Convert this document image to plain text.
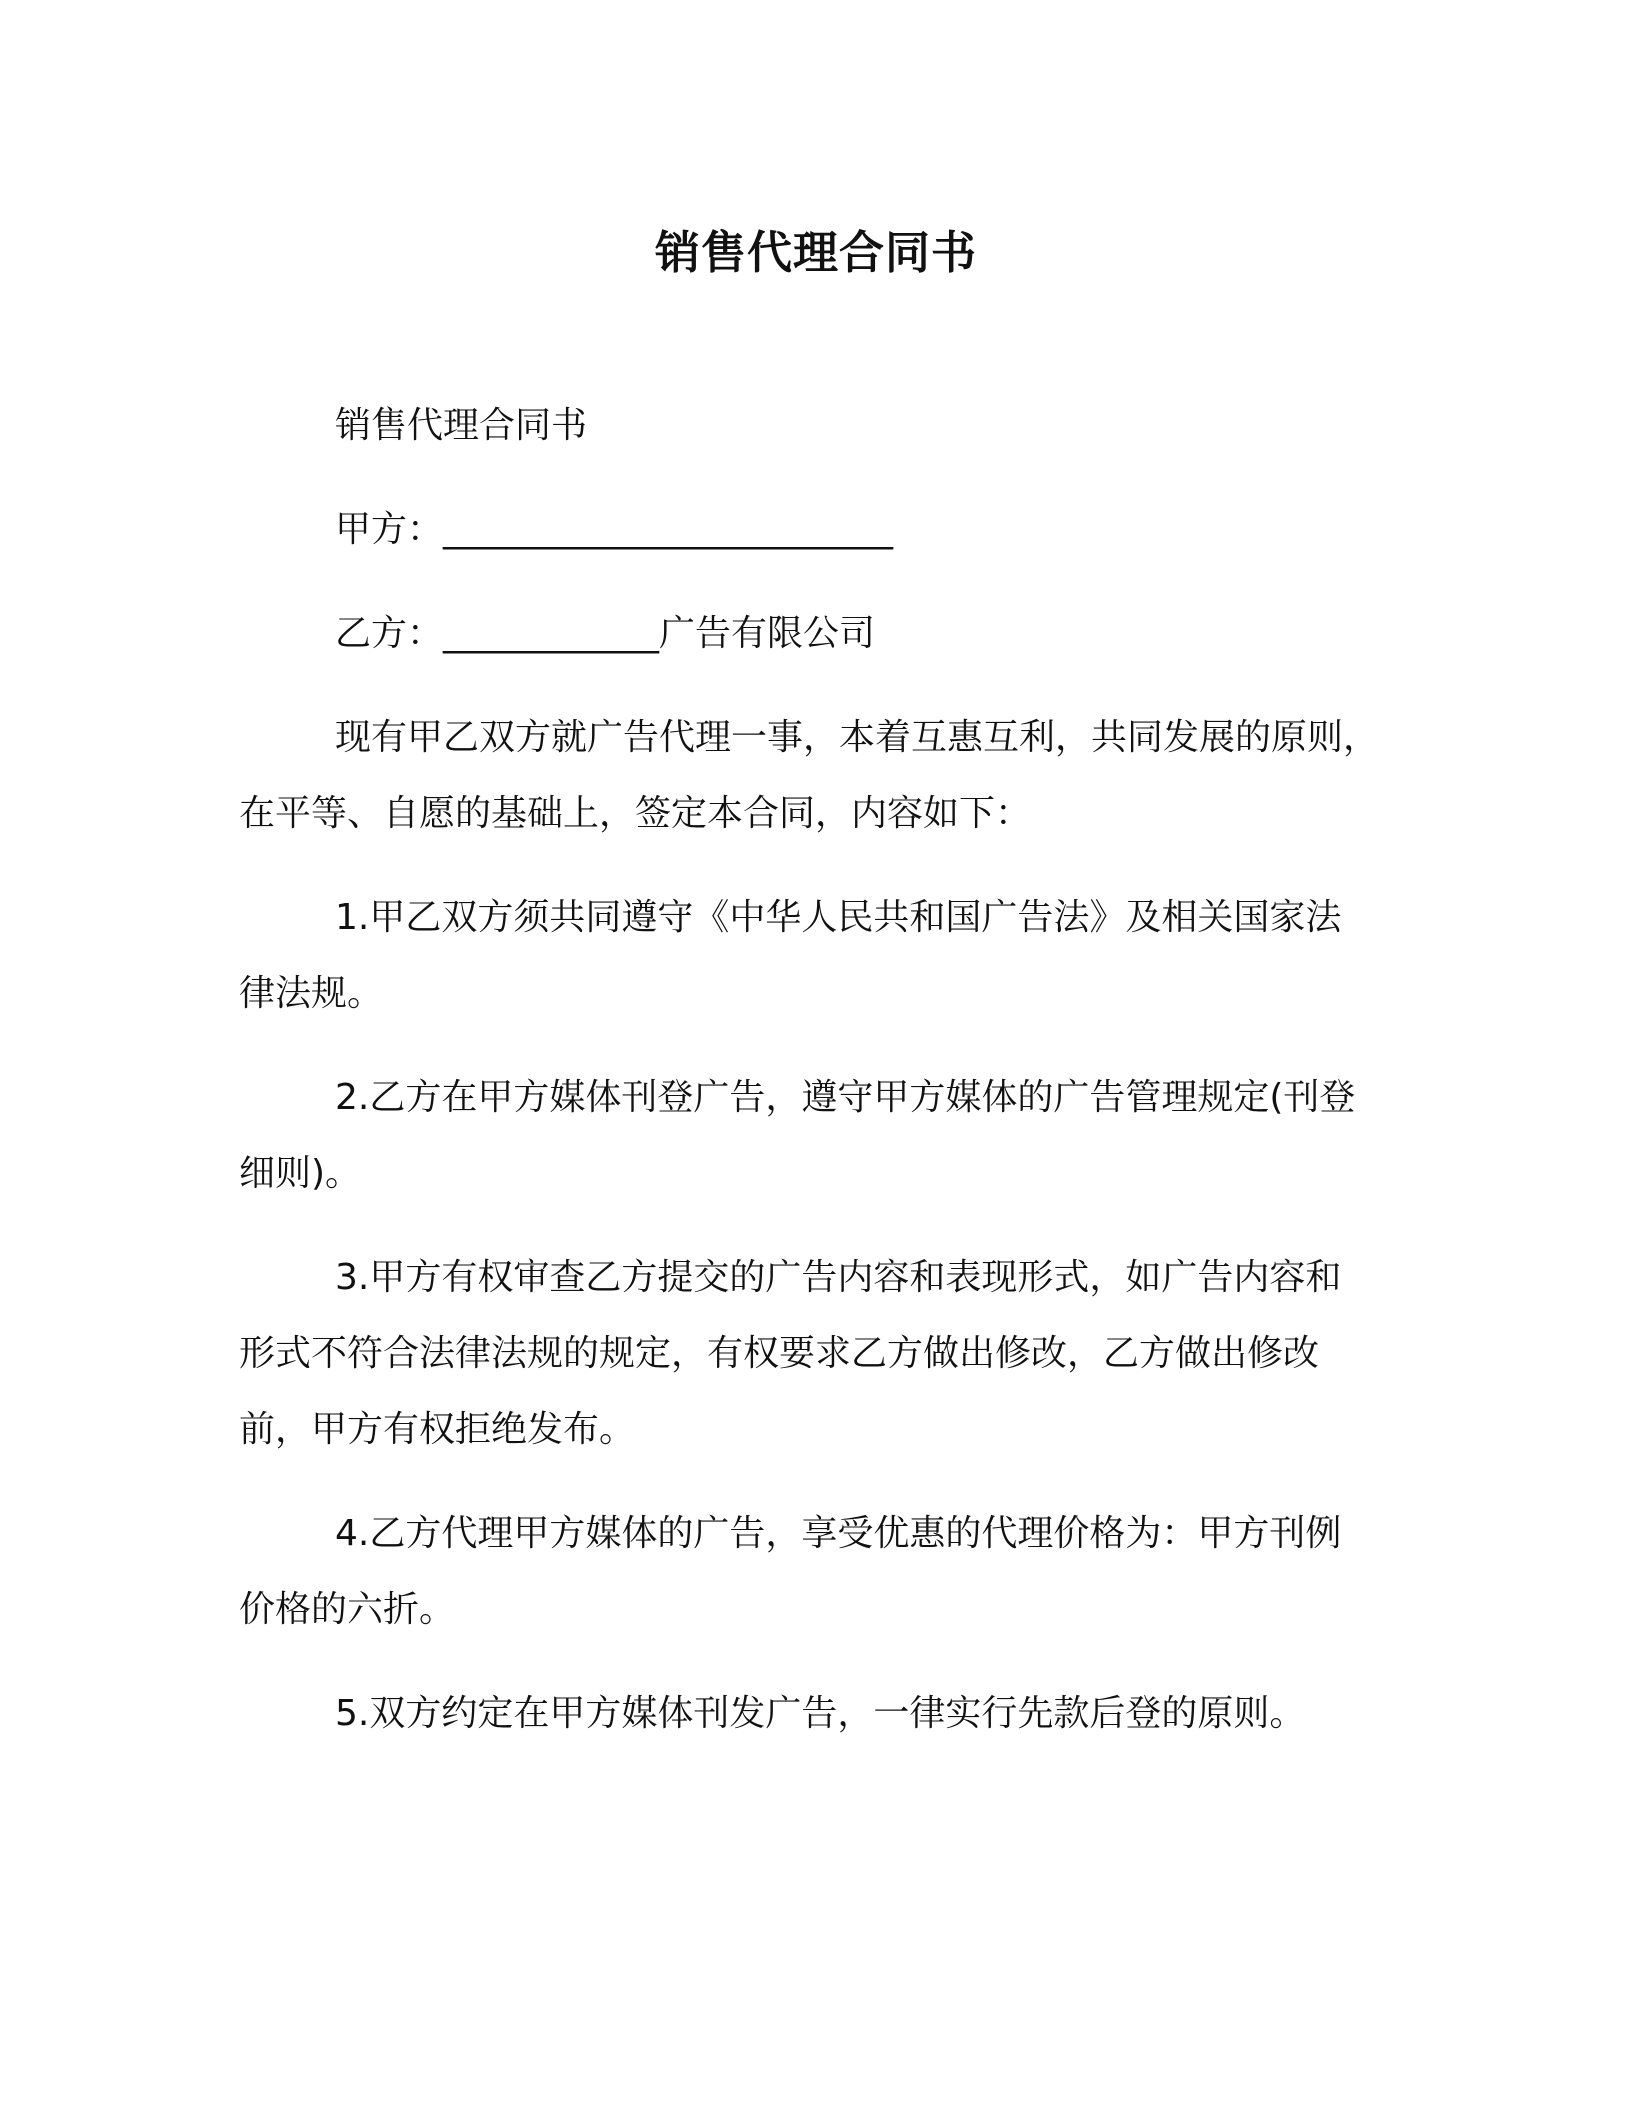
销售代理合同书
销售代理合同书
甲方：_________________________
乙方：____________广告有限公司
现有甲乙双方就广告代理一事，本着互惠互利，共同发展的原则，
在平等、自愿的基础上，签定本合同，内容如下：
1.甲乙双方须共同遵守《中华人民共和国广告法》及相关国家法
律法规。
2.乙方在甲方媒体刊登广告，遵守甲方媒体的广告管理规定(刊登
细则)。
3.甲方有权审查乙方提交的广告内容和表现形式，如广告内容和
形式不符合法律法规的规定，有权要求乙方做出修改，乙方做出修改
前，甲方有权拒绝发布。
4.乙方代理甲方媒体的广告，享受优惠的代理价格为：甲方刊例
价格的六折。
5.双方约定在甲方媒体刊发广告，一律实行先款后登的原则。
